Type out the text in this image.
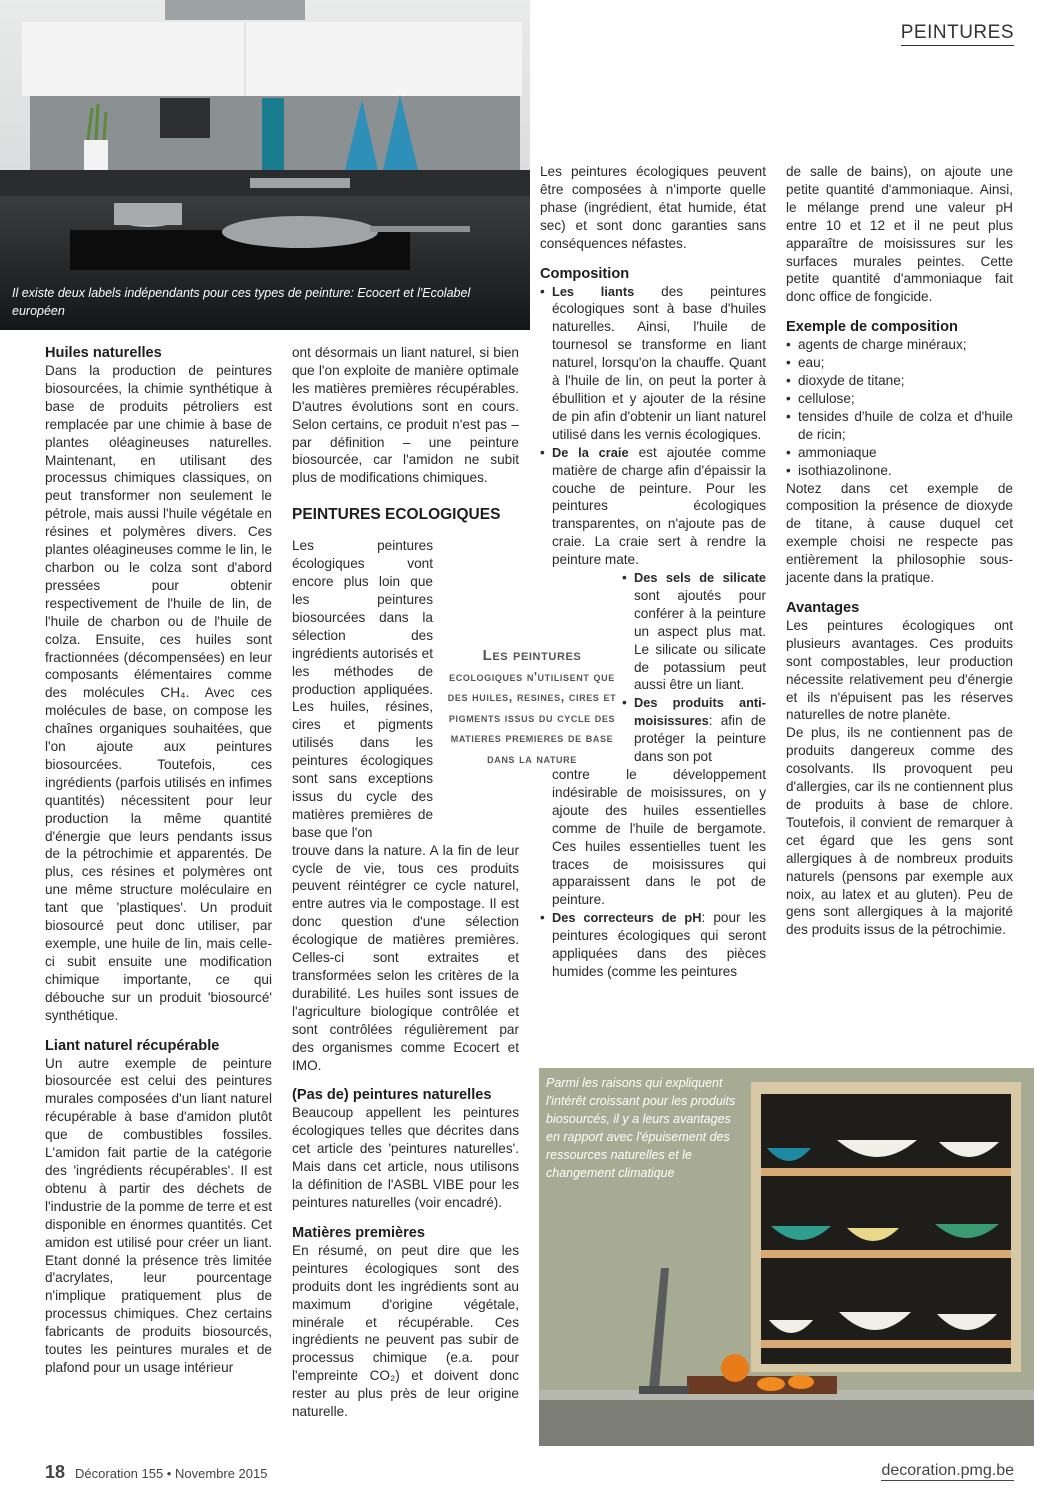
PEINTURES
Il existe deux labels indépendants pour ces types de peinture: Ecocert et l'Ecolabel européen
Huiles naturelles

Dans la production de peintures biosourcées, la chimie synthétique à base de produits pétroliers est remplacée par une chimie à base de plantes oléagineuses naturelles. Maintenant, en utilisant des processus chimiques classiques, on peut transformer non seulement le pétrole, mais aussi l'huile végétale en résines et polymères divers. Ces plantes oléagineuses comme le lin, le charbon ou le colza sont d'abord pressées pour obtenir respectivement de l'huile de lin, de l'huile de charbon ou de l'huile de colza. Ensuite, ces huiles sont fractionnées (décompensées) en leur composants élémentaires comme des molécules CH₄. Avec ces molécules de base, on compose les chaînes organiques souhaitées, que l'on ajoute aux peintures biosourcées. Toutefois, ces ingrédients (parfois utilisés en infimes quantités) nécessitent pour leur production la même quantité d'énergie que leurs pendants issus de la pétrochimie et apparentés. De plus, ces résines et polymères ont une même structure moléculaire en tant que 'plastiques'. Un produit biosourcé peut donc utiliser, par exemple, une huile de lin, mais celle-ci subit ensuite une modification chimique importante, ce qui débouche sur un produit 'biosourcé' synthétique.

Liant naturel récupérable

Un autre exemple de peinture biosourcée est celui des peintures murales composées d'un liant naturel récupérable à base d'amidon plutôt que de combustibles fossiles. L'amidon fait partie de la catégorie des 'ingrédients récupérables'. Il est obtenu à partir des déchets de l'industrie de la pomme de terre et est disponible en énormes quantités. Cet amidon est utilisé pour créer un liant. Etant donné la présence très limitée d'acrylates, leur pourcentage n'implique pratiquement plus de processus chimiques. Chez certains fabricants de produits biosourcés, toutes les peintures murales et de plafond pour un usage intérieur

ont désormais un liant naturel, si bien que l'on exploite de manière optimale les matières premières récupérables. D'autres évolutions sont en cours. Selon certains, ce produit n'est pas – par définition – une peinture biosourcée, car l'amidon ne subit plus de modifications chimiques.

PEINTURES ECOLOGIQUES

Les peintures écologiques vont encore plus loin que les peintures biosourcées dans la sélection des ingrédients autorisés et les méthodes de production appliquées. Les huiles, résines, cires et pigments utilisés dans les peintures écologiques sont sans exceptions issus du cycle des matières premières de base que l'on

trouve dans la nature. A la fin de leur cycle de vie, tous ces produits peuvent réintégrer ce cycle naturel, entre autres via le compostage. Il est donc question d'une sélection écologique de matières premières. Celles-ci sont extraites et transformées selon les critères de la durabilité. Les huiles sont issues de l'agriculture biologique contrôlée et sont contrôlées régulièrement par des organismes comme Ecocert et IMO.

(Pas de) peintures naturelles

Beaucoup appellent les peintures écologiques telles que décrites dans cet article des 'peintures naturelles'. Mais dans cet article, nous utilisons la définition de l'ASBL VIBE pour les peintures naturelles (voir encadré).

Matières premières

En résumé, on peut dire que les peintures écologiques sont des produits dont les ingrédients sont au maximum d'origine végétale, minérale et récupérable. Ces ingrédients ne peuvent pas subir de processus chimique (e.a. pour l'empreinte CO₂) et doivent donc rester au plus près de leur origine naturelle.

Les peintures
ecologiques n'utilisent que des huiles, resines, cires et pigments issus du cycle des matieres premieres de base dans la nature

Les peintures écologiques peuvent être composées à n'importe quelle phase (ingrédient, état humide, état sec) et sont donc garanties sans conséquences néfastes.

Composition
• Les liants des peintures écologiques sont à base d'huiles naturelles. Ainsi, l'huile de tournesol se transforme en liant naturel, lorsqu'on la chauffe. Quant à l'huile de lin, on peut la porter à ébullition et y ajouter de la résine de pin afin d'obtenir un liant naturel utilisé dans les vernis écologiques.
• De la craie est ajoutée comme matière de charge afin d'épaissir la couche de peinture. Pour les peintures écologiques transparentes, on n'ajoute pas de craie. La craie sert à rendre la peinture mate.
• Des sels de silicate sont ajoutés pour conférer à la peinture un aspect plus mat. Le silicate ou silicate de potassium peut aussi être un liant.
• Des produits anti-moisissures: afin de protéger la peinture dans son pot

contre le développement indésirable de moisissures, on y ajoute des huiles essentielles comme de l'huile de bergamote. Ces huiles essentielles tuent les traces de moisissures qui apparaissent dans le pot de peinture.

• Des correcteurs de pH: pour les peintures écologiques qui seront appliquées dans des pièces humides (comme les peintures

de salle de bains), on ajoute une petite quantité d'ammoniaque. Ainsi, le mélange prend une valeur pH entre 10 et 12 et il ne peut plus apparaître de moisissures sur les surfaces murales peintes. Cette petite quantité d'ammoniaque fait donc office de fongicide.

Exemple de composition
• agents de charge minéraux;
• eau;
• dioxyde de titane;
• cellulose;
• tensides d'huile de colza et d'huile de ricin;
• ammoniaque
• isothiazolinone.

Notez dans cet exemple de composition la présence de dioxyde de titane, à cause duquel cet exemple choisi ne respecte pas entièrement la philosophie sous-jacente dans la pratique.

Avantages

Les peintures écologiques ont plusieurs avantages. Ces produits sont compostables, leur production nécessite relativement peu d'énergie et ils n'épuisent pas les réserves naturelles de notre planète.

De plus, ils ne contiennent pas de produits dangereux comme des cosolvants. Ils provoquent peu d'allergies, car ils ne contiennent plus de produits à base de chlore. Toutefois, il convient de remarquer à cet égard que les gens sont allergiques à de nombreux produits naturels (pensons par exemple aux noix, au latex et au gluten). Peu de gens sont allergiques à la majorité des produits issus de la pétrochimie.

Parmi les raisons qui expliquent l'intérêt croissant pour les produits biosourcés, il y a leurs avantages en rapport avec l'épuisement des ressources naturelles et le changement climatique
18 Décoration 155 • Novembre 2015	decoration.pmg.be
